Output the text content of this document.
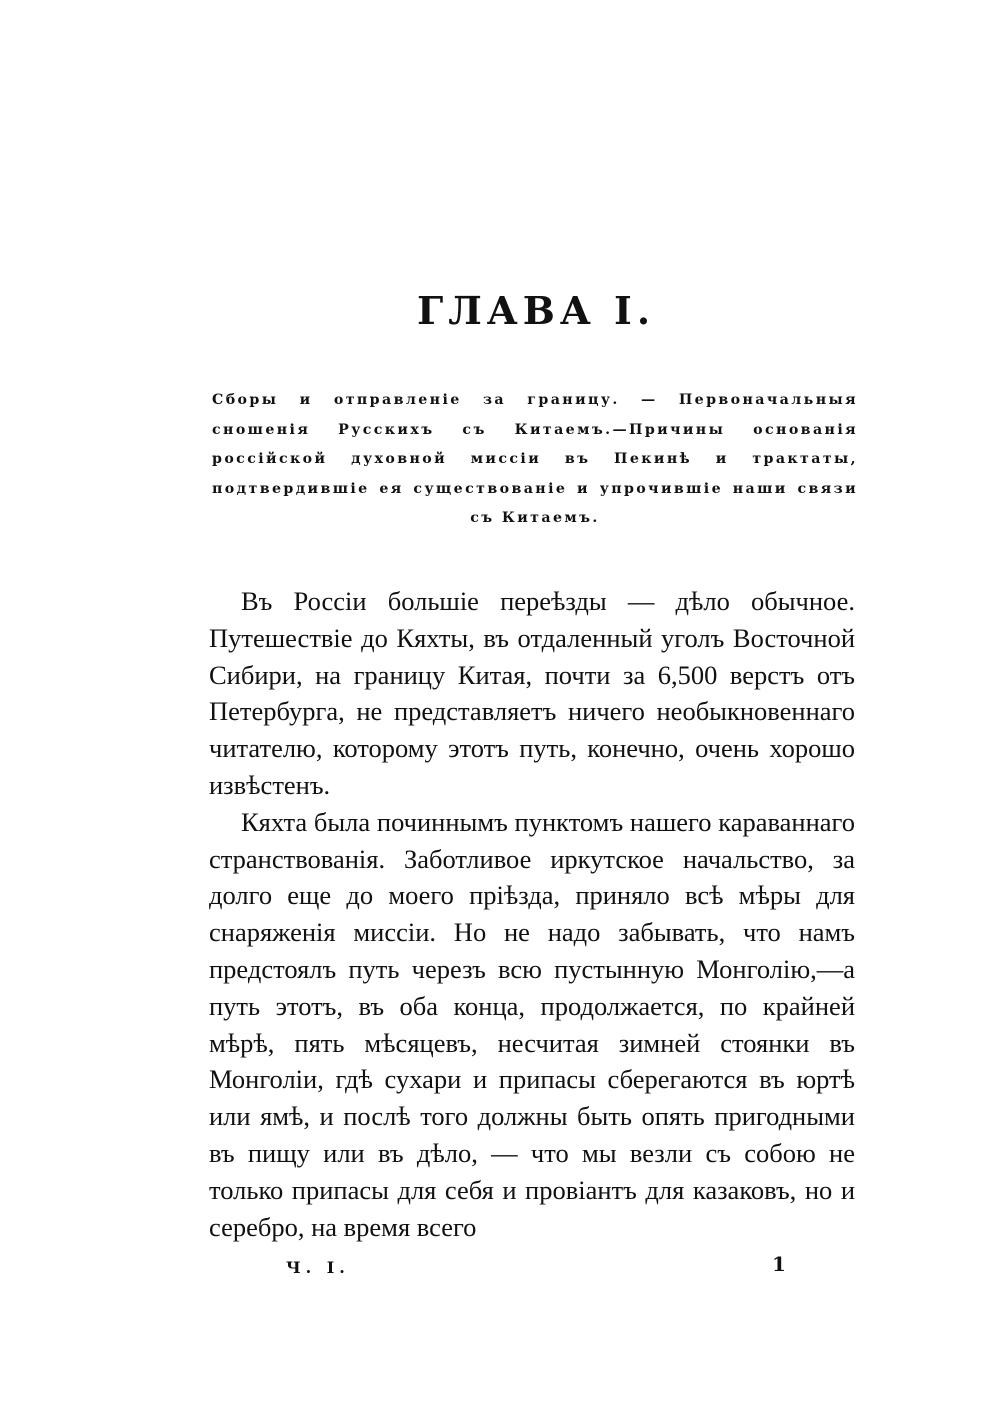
ГЛАВА I.

Сборы и отправленіе за границу. — Первоначальныя сношенія Русскихъ съ Китаемъ.—Причины основанія россійской духовной миссіи въ Пекинѣ и трактаты, подтвердившіе ея существованіе и упрочившіе наши связи съ Китаемъ.

Въ Россіи большіе переѣзды — дѣло обычное. Путешествіе до Кяхты, въ отдаленный уголъ Восточной Сибири, на границу Китая, почти за 6,500 верстъ отъ Петербурга, не представляетъ ничего необыкновеннаго читателю, которому этотъ путь, конечно, очень хорошо извѣстенъ.

Кяхта была починнымъ пунктомъ нашего караваннаго странствованія. Заботливое иркутское начальство, за долго еще до моего пріѣзда, приняло всѣ мѣры для снаряженія миссіи. Но не надо забывать, что намъ предстоялъ путь черезъ всю пустынную Монголію,—а путь этотъ, въ оба конца, продолжается, по крайней мѣрѣ, пять мѣсяцевъ, несчитая зимней стоянки въ Монголіи, гдѣ сухари и припасы сберегаются въ юртѣ или ямѣ, и послѣ того должны быть опять пригодными въ пищу или въ дѣло, — что мы везли съ собою не только припасы для себя и провіантъ для казаковъ, но и серебро, на время всего

Ч. I.	1
